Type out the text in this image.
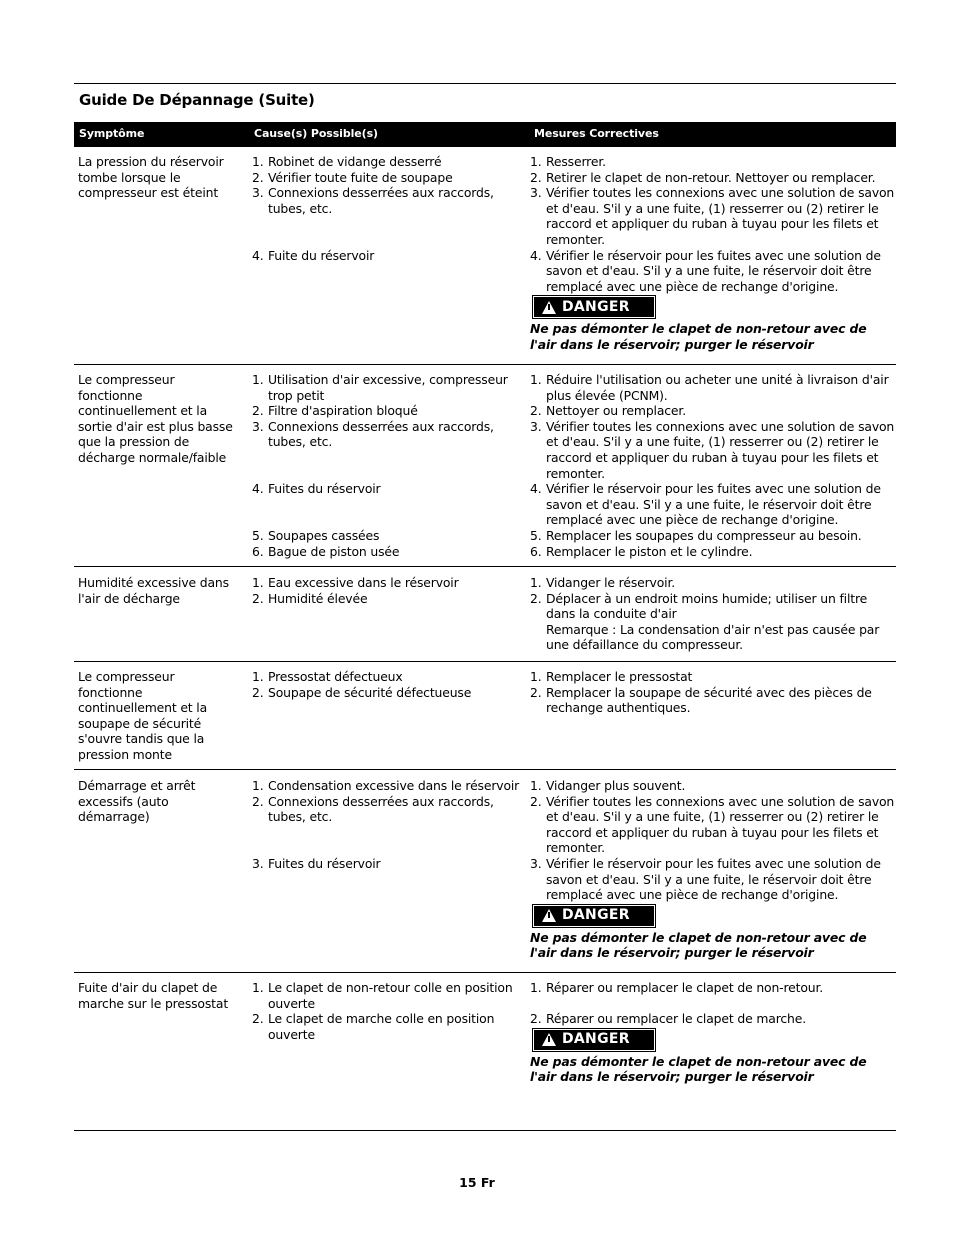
Guide De Dépannage (Suite)
Symptôme	Cause(s) Possible(s)	Mesures Correctives
La pression du réservoir tombe lorsque le compresseur est éteint
1. Robinet de vidange desserré
2. Vérifier toute fuite de soupape
3. Connexions desserrées aux raccords, tubes, etc.
4. Fuite du réservoir
1. Resserrer.
2. Retirer le clapet de non-retour. Nettoyer ou remplacer.
3. Vérifier toutes les connexions avec une solution de savon et d'eau. S'il y a une fuite, (1) resserrer ou (2) retirer le raccord et appliquer du ruban à tuyau pour les filets et remonter.
4. Vérifier le réservoir pour les fuites avec une solution de savon et d'eau. S'il y a une fuite, le réservoir doit être remplacé avec une pièce de rechange d'origine.
DANGER
Ne pas démonter le clapet de non-retour avec de l'air dans le réservoir; purger le réservoir
Le compresseur fonctionne continuellement et la sortie d'air est plus basse que la pression de décharge normale/faible
1. Utilisation d'air excessive, compresseur trop petit
2. Filtre d'aspiration bloqué
3. Connexions desserrées aux raccords, tubes, etc.
4. Fuites du réservoir
5. Soupapes cassées
6. Bague de piston usée
1. Réduire l'utilisation ou acheter une unité à livraison d'air plus élevée (PCNM).
2. Nettoyer ou remplacer.
3. Vérifier toutes les connexions avec une solution de savon et d'eau. S'il y a une fuite, (1) resserrer ou (2) retirer le raccord et appliquer du ruban à tuyau pour les filets et remonter.
4. Vérifier le réservoir pour les fuites avec une solution de savon et d'eau. S'il y a une fuite, le réservoir doit être remplacé avec une pièce de rechange d'origine.
5. Remplacer les soupapes du compresseur au besoin.
6. Remplacer le piston et le cylindre.
Humidité excessive dans l'air de décharge
1. Eau excessive dans le réservoir
2. Humidité élevée
1. Vidanger le réservoir.
2. Déplacer à un endroit moins humide; utiliser un filtre dans la conduite d'air
Remarque : La condensation d'air n'est pas causée par une défaillance du compresseur.
Le compresseur fonctionne continuellement et la soupape de sécurité s'ouvre tandis que la pression monte
1. Pressostat défectueux
2. Soupape de sécurité défectueuse
1. Remplacer le pressostat
2. Remplacer la soupape de sécurité avec des pièces de rechange authentiques.
Démarrage et arrêt excessifs (auto démarrage)
1. Condensation excessive dans le réservoir
2. Connexions desserrées aux raccords, tubes, etc.
3. Fuites du réservoir
1. Vidanger plus souvent.
2. Vérifier toutes les connexions avec une solution de savon et d'eau. S'il y a une fuite, (1) resserrer ou (2) retirer le raccord et appliquer du ruban à tuyau pour les filets et remonter.
3. Vérifier le réservoir pour les fuites avec une solution de savon et d'eau. S'il y a une fuite, le réservoir doit être remplacé avec une pièce de rechange d'origine.
DANGER
Ne pas démonter le clapet de non-retour avec de l'air dans le réservoir; purger le réservoir
Fuite d'air du clapet de marche sur le pressostat
1. Le clapet de non-retour colle en position ouverte
2. Le clapet de marche colle en position ouverte
1. Réparer ou remplacer le clapet de non-retour.
2. Réparer ou remplacer le clapet de marche.
DANGER
Ne pas démonter le clapet de non-retour avec de l'air dans le réservoir; purger le réservoir
15 Fr
